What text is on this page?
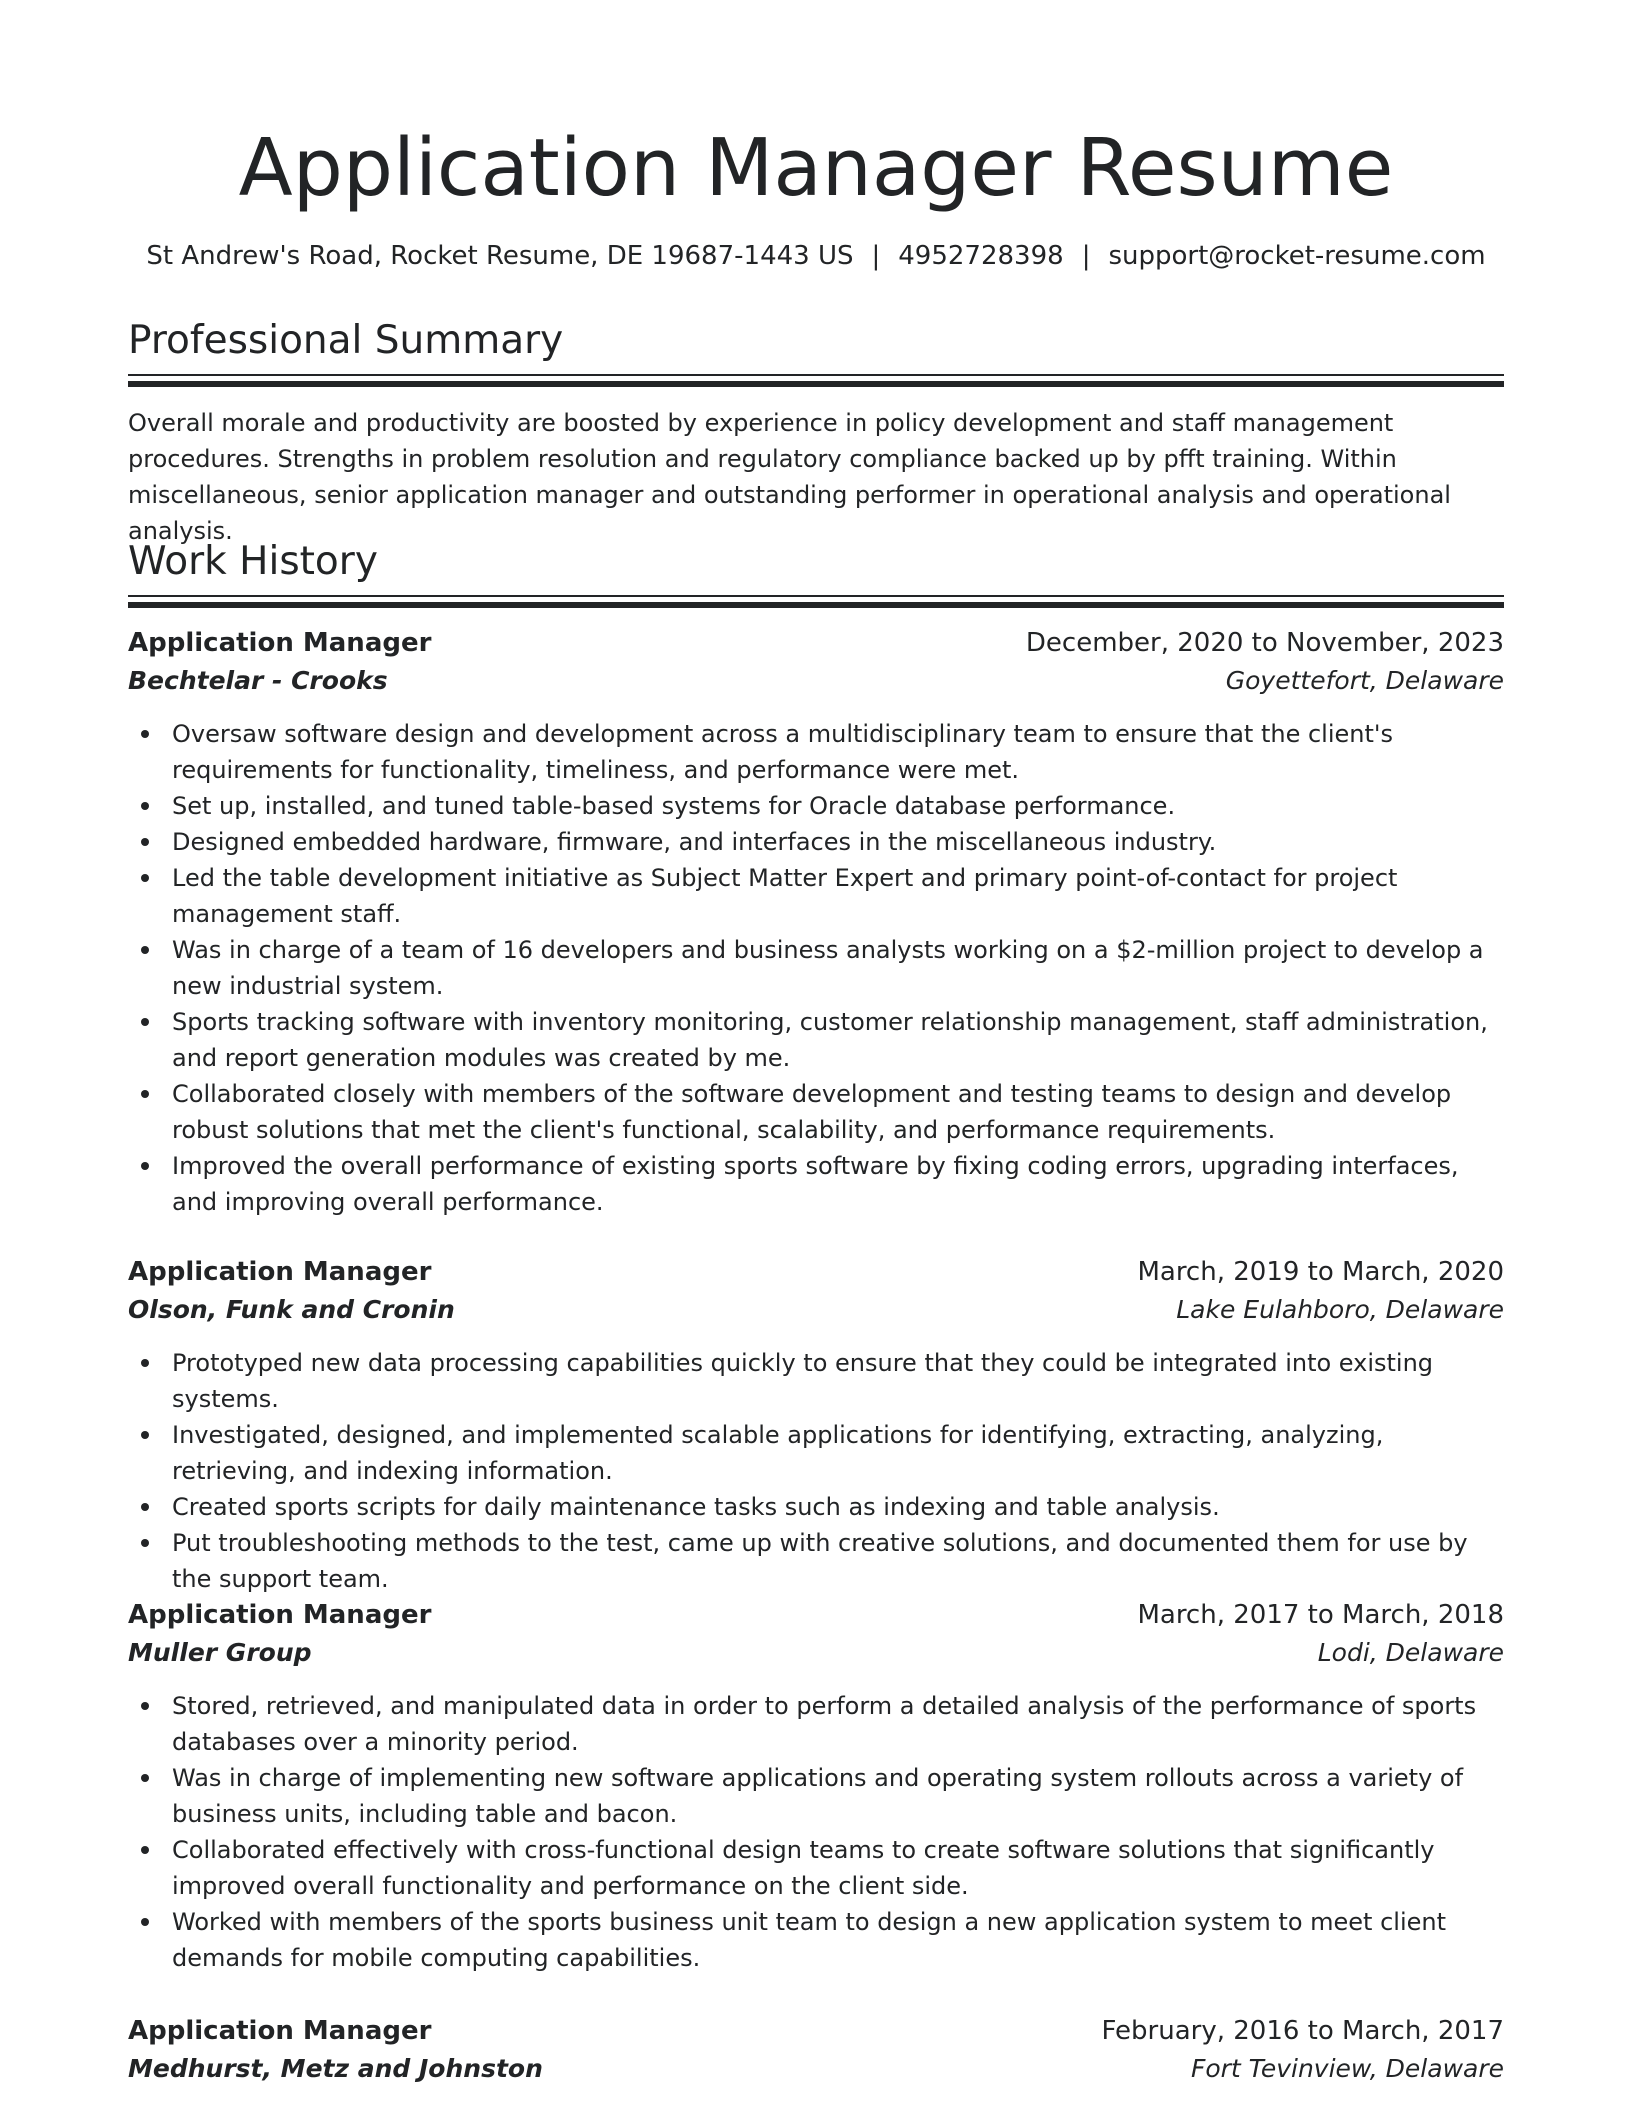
Application Manager Resume
St Andrew's Road, Rocket Resume, DE 19687-1443 US | 4952728398 | support@rocket-resume.com
Professional Summary

Overall morale and productivity are boosted by experience in policy development and staff management procedures. Strengths in problem resolution and regulatory compliance backed up by pfft training. Within miscellaneous, senior application manager and outstanding performer in operational analysis and operational analysis.

Work History
Application Manager	December, 2020 to November, 2023
Bechtelar - Crooks	Goyettefort, Delaware
Oversaw software design and development across a multidisciplinary team to ensure that the client's requirements for functionality, timeliness, and performance were met.
Set up, installed, and tuned table-based systems for Oracle database performance.
Designed embedded hardware, firmware, and interfaces in the miscellaneous industry.
Led the table development initiative as Subject Matter Expert and primary point-of-contact for project management staff.
Was in charge of a team of 16 developers and business analysts working on a $2-million project to develop a new industrial system.
Sports tracking software with inventory monitoring, customer relationship management, staff administration, and report generation modules was created by me.
Collaborated closely with members of the software development and testing teams to design and develop robust solutions that met the client's functional, scalability, and performance requirements.
Improved the overall performance of existing sports software by fixing coding errors, upgrading interfaces, and improving overall performance.
Application Manager	March, 2019 to March, 2020
Olson, Funk and Cronin	Lake Eulahboro, Delaware
Prototyped new data processing capabilities quickly to ensure that they could be integrated into existing systems.
Investigated, designed, and implemented scalable applications for identifying, extracting, analyzing, retrieving, and indexing information.
Created sports scripts for daily maintenance tasks such as indexing and table analysis.
Put troubleshooting methods to the test, came up with creative solutions, and documented them for use by the support team.
Application Manager	March, 2017 to March, 2018
Muller Group	Lodi, Delaware
Stored, retrieved, and manipulated data in order to perform a detailed analysis of the performance of sports databases over a minority period.
Was in charge of implementing new software applications and operating system rollouts across a variety of business units, including table and bacon.
Collaborated effectively with cross-functional design teams to create software solutions that significantly improved overall functionality and performance on the client side.
Worked with members of the sports business unit team to design a new application system to meet client demands for mobile computing capabilities.
Application Manager	February, 2016 to March, 2017
Medhurst, Metz and Johnston	Fort Tevinview, Delaware
